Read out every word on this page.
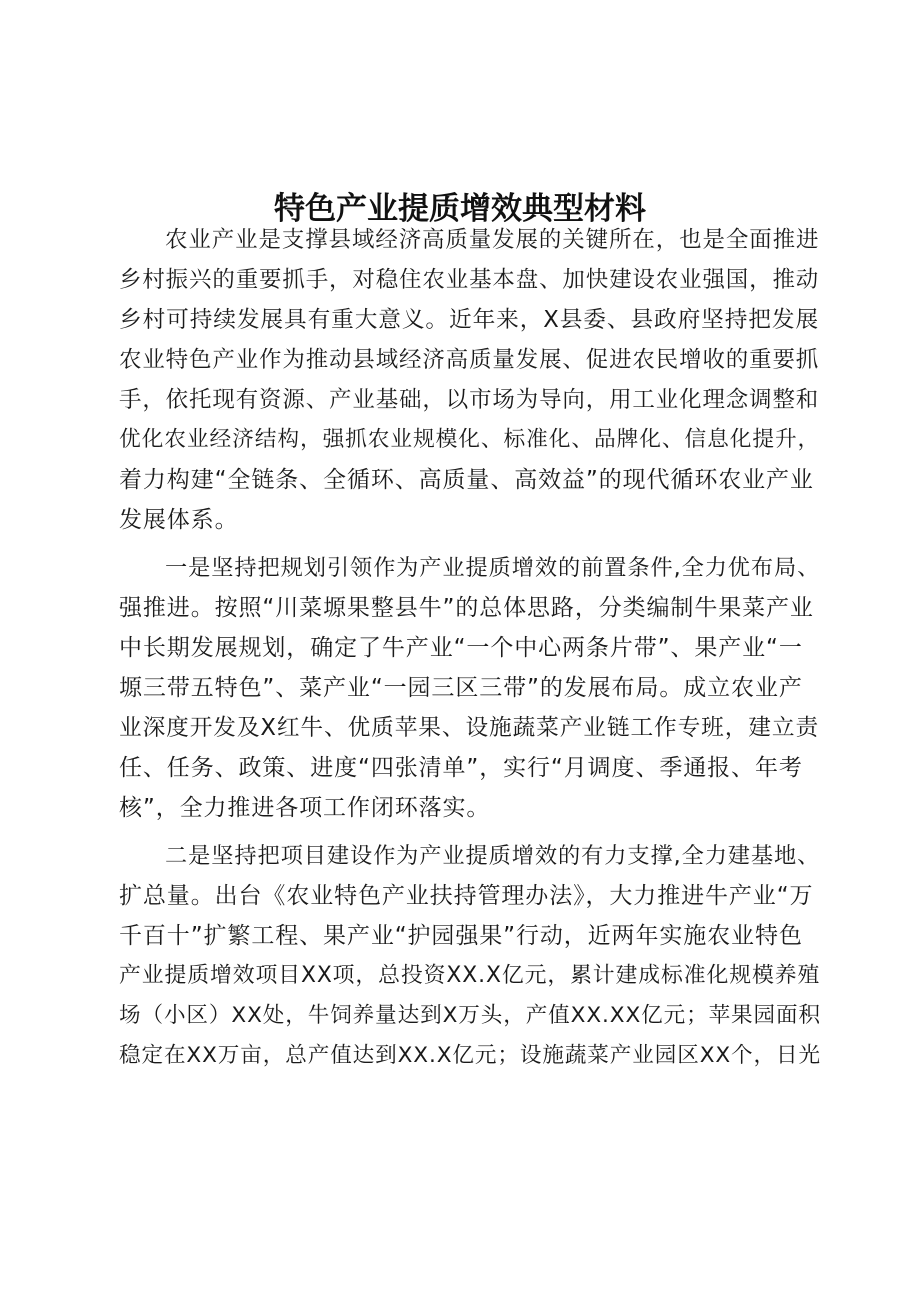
特色产业提质增效典型材料

农业产业是支撑县域经济高质量发展的关键所在，也是全面推进
乡村振兴的重要抓手，对稳住农业基本盘、加快建设农业强国，推动
乡村可持续发展具有重大意义。近年来，X县委、县政府坚持把发展
农业特色产业作为推动县域经济高质量发展、促进农民增收的重要抓
手，依托现有资源、产业基础，以市场为导向，用工业化理念调整和
优化农业经济结构，强抓农业规模化、标准化、品牌化、信息化提升，
着力构建“全链条、全循环、高质量、高效益”的现代循环农业产业
发展体系。

一是坚持把规划引领作为产业提质增效的前置条件,全力优布局、
强推进。按照“川菜塬果整县牛”的总体思路，分类编制牛果菜产业
中长期发展规划，确定了牛产业“一个中心两条片带”、果产业“一
塬三带五特色”、菜产业“一园三区三带”的发展布局。成立农业产
业深度开发及X红牛、优质苹果、设施蔬菜产业链工作专班，建立责
任、任务、政策、进度“四张清单”，实行“月调度、季通报、年考
核”，全力推进各项工作闭环落实。

二是坚持把项目建设作为产业提质增效的有力支撑,全力建基地、
扩总量。出台《农业特色产业扶持管理办法》，大力推进牛产业“万
千百十”扩繁工程、果产业“护园强果”行动，近两年实施农业特色
产业提质增效项目XX项，总投资XX.X亿元，累计建成标准化规模养殖
场（小区）XX处，牛饲养量达到X万头，产值XX.XX亿元；苹果园面积
稳定在XX万亩，总产值达到XX.X亿元；设施蔬菜产业园区XX个，日光
